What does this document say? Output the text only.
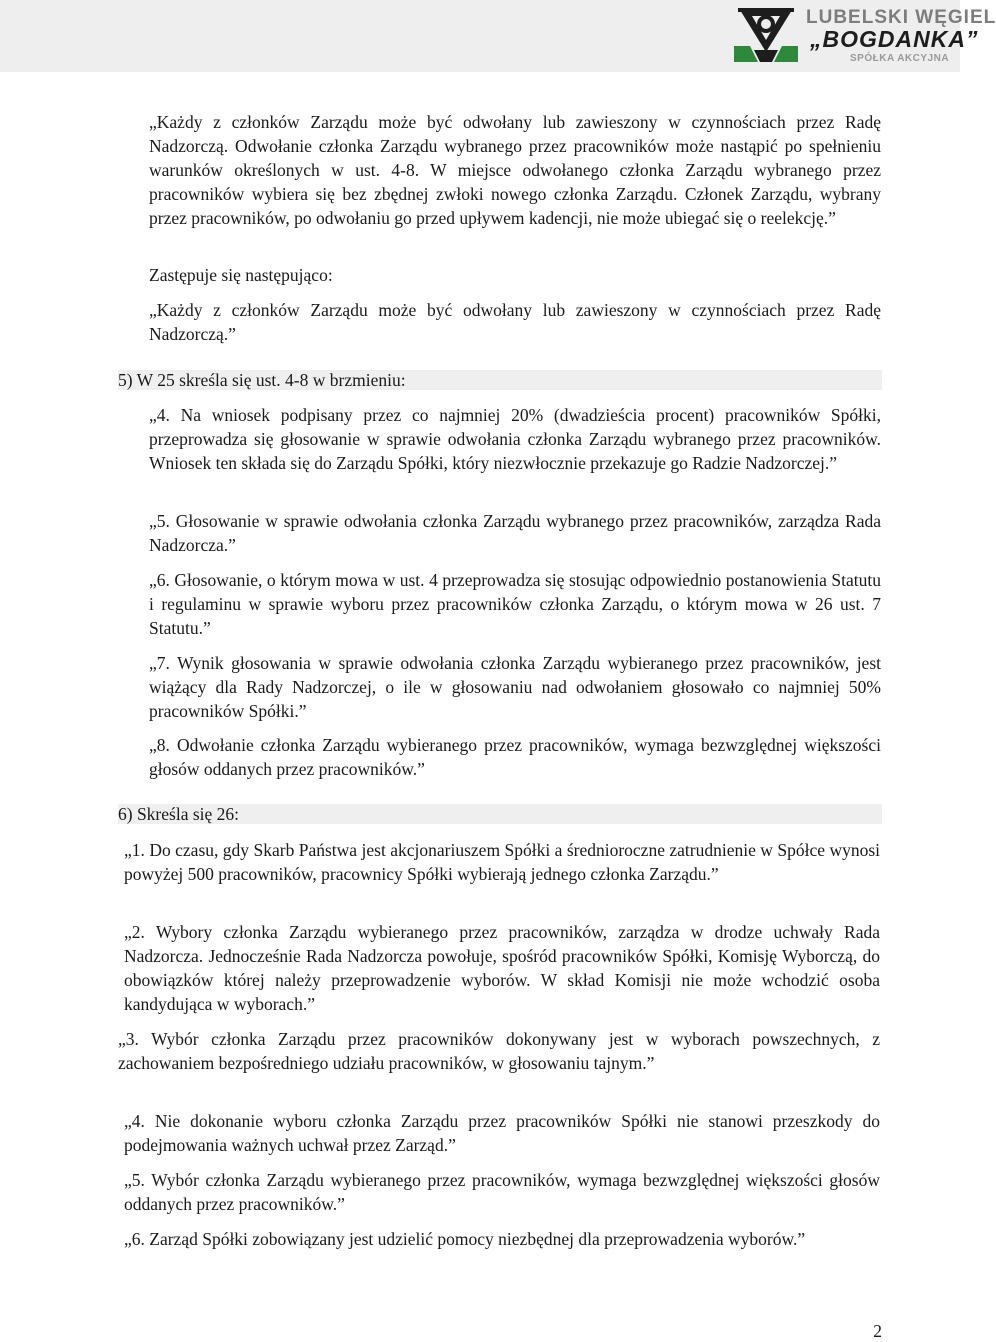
LUBELSKI WĘGIEL
„BOGDANKA”
SPÓŁKA AKCYJNA

„Każdy z członków Zarządu może być odwołany lub zawieszony w czynnościach przez Radę Nadzorczą. Odwołanie członka Zarządu wybranego przez pracowników może nastąpić po spełnieniu warunków określonych w ust. 4-8. W miejsce odwołanego członka Zarządu wybranego przez pracowników wybiera się bez zbędnej zwłoki nowego członka Zarządu. Członek Zarządu, wybrany przez pracowników, po odwołaniu go przed upływem kadencji, nie może ubiegać się o reelekcję.”

Zastępuje się następująco:

„Każdy z członków Zarządu może być odwołany lub zawieszony w czynnościach przez Radę Nadzorczą.”

5) W 25 skreśla się ust. 4-8 w brzmieniu:

„4. Na wniosek podpisany przez co najmniej 20% (dwadzieścia procent) pracowników Spółki, przeprowadza się głosowanie w sprawie odwołania członka Zarządu wybranego przez pracowników. Wniosek ten składa się do Zarządu Spółki, który niezwłocznie przekazuje go Radzie Nadzorczej.”

„5. Głosowanie w sprawie odwołania członka Zarządu wybranego przez pracowników, zarządza Rada Nadzorcza.”

„6. Głosowanie, o którym mowa w ust. 4 przeprowadza się stosując odpowiednio postanowienia Statutu i regulaminu w sprawie wyboru przez pracowników członka Zarządu, o którym mowa w 26 ust. 7 Statutu.”

„7. Wynik głosowania w sprawie odwołania członka Zarządu wybieranego przez pracowników, jest wiążący dla Rady Nadzorczej, o ile w głosowaniu nad odwołaniem głosowało co najmniej 50% pracowników Spółki.”

„8. Odwołanie członka Zarządu wybieranego przez pracowników, wymaga bezwzględnej większości głosów oddanych przez pracowników.”

6) Skreśla się 26:

„1. Do czasu, gdy Skarb Państwa jest akcjonariuszem Spółki a średnioroczne zatrudnienie w Spółce wynosi powyżej 500 pracowników, pracownicy Spółki wybierają jednego członka Zarządu.”

„2. Wybory członka Zarządu wybieranego przez pracowników, zarządza w drodze uchwały Rada Nadzorcza. Jednocześnie Rada Nadzorcza powołuje, spośród pracowników Spółki, Komisję Wyborczą, do obowiązków której należy przeprowadzenie wyborów. W skład Komisji nie może wchodzić osoba kandydująca w wyborach.”

„3. Wybór członka Zarządu przez pracowników dokonywany jest w wyborach powszechnych, z zachowaniem bezpośredniego udziału pracowników, w głosowaniu tajnym.”

„4. Nie dokonanie wyboru członka Zarządu przez pracowników Spółki nie stanowi przeszkody do podejmowania ważnych uchwał przez Zarząd.”

„5. Wybór członka Zarządu wybieranego przez pracowników, wymaga bezwzględnej większości głosów oddanych przez pracowników.”

„6. Zarząd Spółki zobowiązany jest udzielić pomocy niezbędnej dla przeprowadzenia wyborów.”

2
